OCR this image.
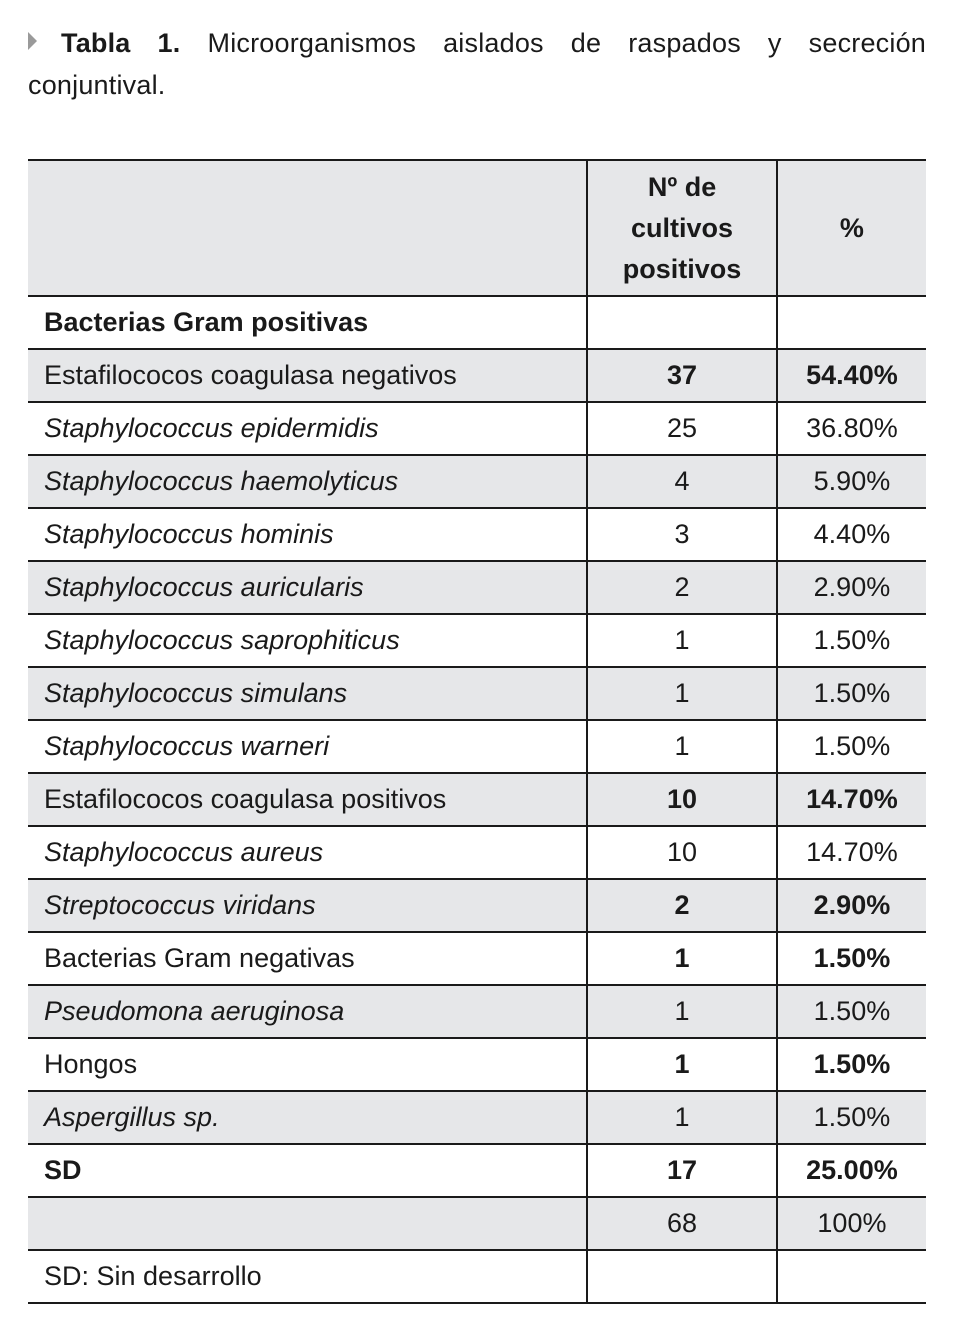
Tabla 1. Microorganismos aislados de raspados y secreción conjuntival.
	Nº de
cultivos
positivos	%
Bacterias Gram positivas		
Estafilococos coagulasa negativos	37	54.40%
Staphylococcus epidermidis	25	36.80%
Staphylococcus haemolyticus	4	5.90%
Staphylococcus hominis	3	4.40%
Staphylococcus auricularis	2	2.90%
Staphylococcus saprophiticus	1	1.50%
Staphylococcus simulans	1	1.50%
Staphylococcus warneri	1	1.50%
Estafilococos coagulasa positivos	10	14.70%
Staphylococcus aureus	10	14.70%
Streptococcus viridans	2	2.90%
Bacterias Gram negativas	1	1.50%
Pseudomona aeruginosa	1	1.50%
Hongos	1	1.50%
Aspergillus sp.	1	1.50%
SD	17	25.00%
	68	100%
SD: Sin desarrollo		
